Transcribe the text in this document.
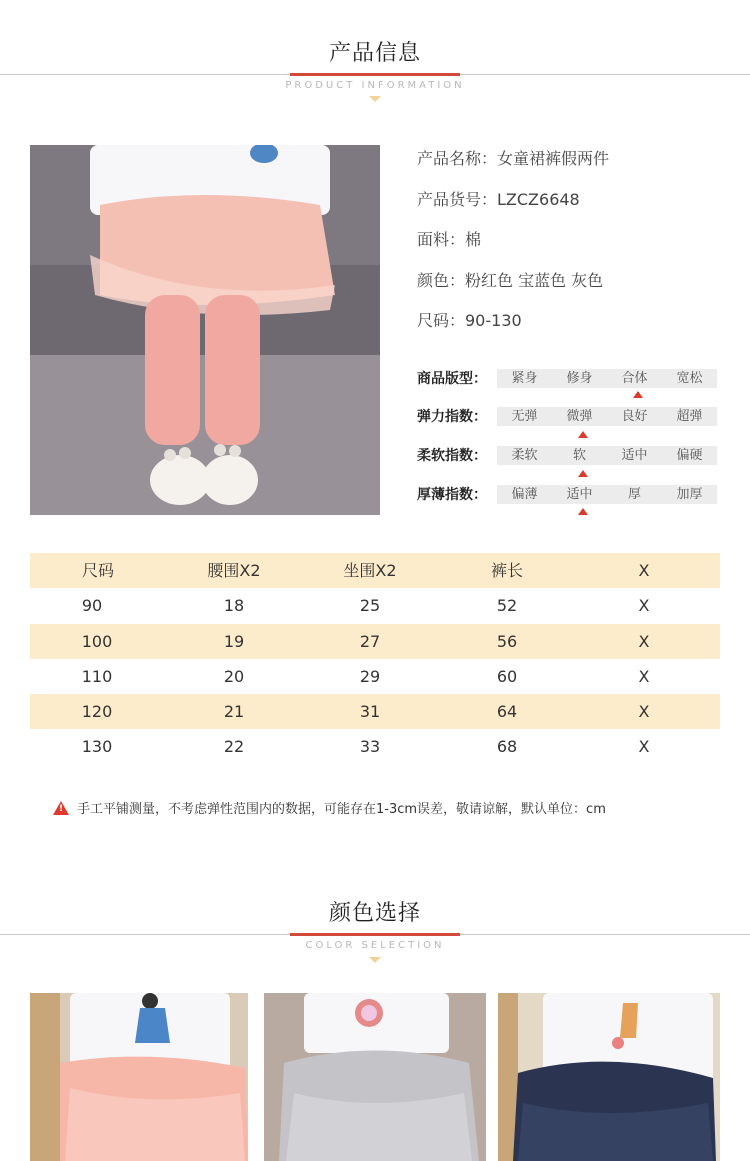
产品信息
PRODUCT INFORMATION
产品名称：女童裙裤假两件
产品货号：LZCZ6648
面料：棉
颜色：粉红色 宝蓝色 灰色
尺码：90-130
商品版型：	紧身	修身	合体	宽松
弹力指数：	无弹	微弹	良好	超弹
柔软指数：	柔软	软	适中	偏硬
厚薄指数：	偏薄	适中	厚	加厚
尺码	腰围X2	坐围X2	裤长	X
90	18	25	52	X
100	19	27	56	X
110	20	29	60	X
120	21	31	64	X
130	22	33	68	X
! 手工平铺测量，不考虑弹性范围内的数据，可能存在1-3cm误差，敬请谅解，默认单位：cm
颜色选择
COLOR SELECTION
